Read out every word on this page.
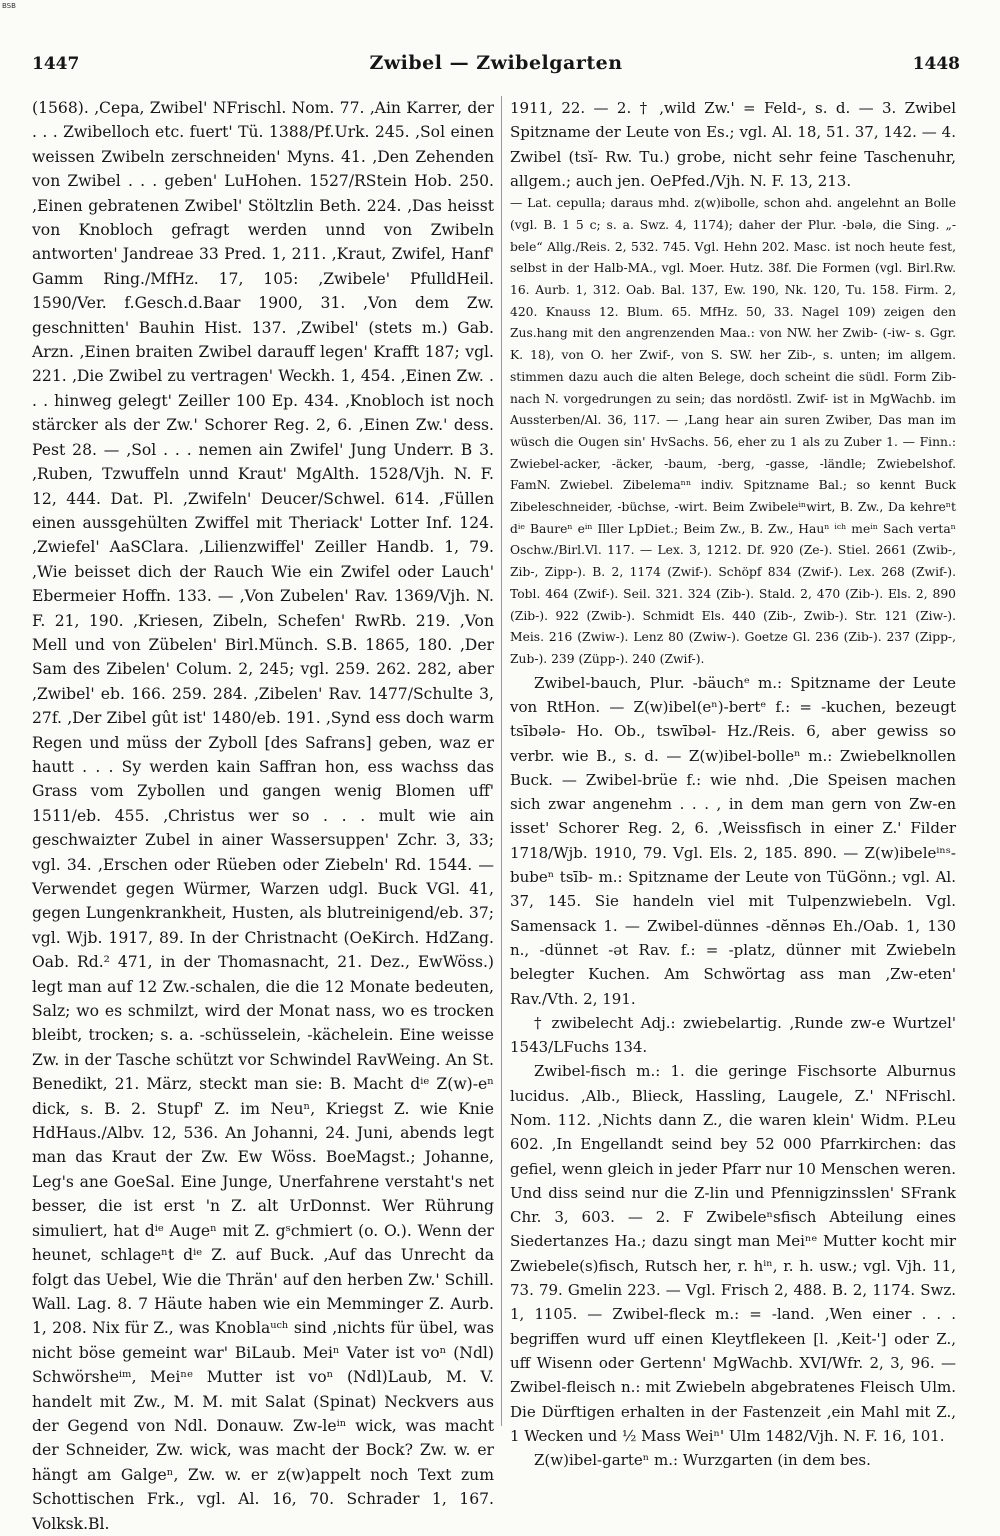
BSB
1447	Zwibel — Zwibelgarten	1448

(1568). ‚Cepa, Zwibel' NFrischl. Nom. 77. ‚Ain Karrer, der . . . Zwibelloch etc. fuert' Tü. 1388/Pf.Urk. 245. ‚Sol einen weissen Zwibeln zerschneiden' Myns. 41. ‚Den Zehenden von Zwibel . . . geben' LuHohen. 1527/RStein Hob. 250. ‚Einen gebratenen Zwibel' Stöltzlin Beth. 224. ‚Das heisst von Knobloch gefragt werden unnd von Zwibeln antworten' Jandreae 33 Pred. 1, 211. ‚Kraut, Zwifel, Hanf' Gamm Ring./MfHz. 17, 105: ‚Zwibele' PfulldHeil. 1590/Ver. f.Gesch.d.Baar 1900, 31. ‚Von dem Zw. geschnitten' Bauhin Hist. 137. ‚Zwibel' (stets m.) Gab. Arzn. ‚Einen braiten Zwibel darauff legen' Krafft 187; vgl. 221. ‚Die Zwibel zu vertragen' Weckh. 1, 454. ‚Einen Zw. . . . hinweg gelegt' Zeiller 100 Ep. 434. ‚Knobloch ist noch stärcker als der Zw.' Schorer Reg. 2, 6. ‚Einen Zw.' dess. Pest 28. — ‚Sol . . . nemen ain Zwifel' Jung Underr. B 3. ‚Ruben, Tzwuffeln unnd Kraut' MgAlth. 1528/Vjh. N. F. 12, 444. Dat. Pl. ‚Zwifeln' Deucer/Schwel. 614. ‚Füllen einen aussgehülten Zwiffel mit Theriack' Lotter Inf. 124. ‚Zwiefel' AaSClara. ‚Lilienzwiffel' Zeiller Handb. 1, 79. ‚Wie beisset dich der Rauch Wie ein Zwifel oder Lauch' Ebermeier Hoffn. 133. — ‚Von Zubelen' Rav. 1369/Vjh. N. F. 21, 190. ‚Kriesen, Zibeln, Schefen' RwRb. 219. ‚Von Mell und von Zübelen' Birl.Münch. S.B. 1865, 180. ‚Der Sam des Zibelen' Colum. 2, 245; vgl. 259. 262. 282, aber ‚Zwibel' eb. 166. 259. 284. ‚Zibelen' Rav. 1477/Schulte 3, 27f. ‚Der Zibel gût ist' 1480/eb. 191. ‚Synd ess doch warm Regen und müss der Zyboll [des Safrans] geben, waz er hautt . . . Sy werden kain Saffran hon, ess wachss das Grass vom Zybollen und gangen wenig Blomen uff' 1511/eb. 455. ‚Christus wer so . . . mult wie ain geschwaizter Zubel in ainer Wassersuppen' Zchr. 3, 33; vgl. 34. ‚Erschen oder Rüeben oder Ziebeln' Rd. 1544. — Verwendet gegen Würmer, Warzen udgl. Buck VGl. 41, gegen Lungenkrankheit, Husten, als blutreinigend/eb. 37; vgl. Wjb. 1917, 89. In der Christnacht (OeKirch. HdZang. Oab. Rd.² 471, in der Thomasnacht, 21. Dez., EwWöss.) legt man auf 12 Zw.-schalen, die die 12 Monate bedeuten, Salz; wo es schmilzt, wird der Monat nass, wo es trocken bleibt, trocken; s. a. -schüsselein, -kächelein. Eine weisse Zw. in der Tasche schützt vor Schwindel RavWeing. An St. Benedikt, 21. März, steckt man sie: B. Macht dⁱᵉ Z(w)-eⁿ dick, s. B. 2. Stupf' Z. im Neuⁿ, Kriegst Z. wie Knie HdHaus./Albv. 12, 536. An Johanni, 24. Juni, abends legt man das Kraut der Zw. Ew Wöss. BoeMagst.; Johanne, Leg's ane GoeSal. Eine Junge, Unerfahrene verstaht's net besser, die ist erst 'n Z. alt UrDonnst. Wer Rührung simuliert, hat dⁱᵉ Augeⁿ mit Z. gˢchmiert (o. O.). Wenn der heunet, schlageⁿt dⁱᵉ Z. auf Buck. ‚Auf das Unrecht da folgt das Uebel, Wie die Thrän' auf den herben Zw.' Schill. Wall. Lag. 8. 7 Häute haben wie ein Memminger Z. Aurb. 1, 208. Nix für Z., was Knoblaᵘᶜʰ sind ‚nichts für übel, was nicht böse gemeint war' BiLaub. Meiⁿ Vater ist voⁿ (Ndl) Schwörsheⁱᵐ, Meiⁿᵉ Mutter ist voⁿ (Ndl)Laub, M. V. handelt mit Zw., M. M. mit Salat (Spinat) Neckvers aus der Gegend von Ndl. Donauw. Zw-leⁱⁿ wick, was macht der Schneider, Zw. wick, was macht der Bock? Zw. w. er hängt am Galgeⁿ, Zw. w. er z(w)appelt noch Text zum Schottischen Frk., vgl. Al. 16, 70. Schrader 1, 167. Volksk.Bl.

1911, 22. — 2. † ‚wild Zw.' = Feld-, s. d. — 3. Zwibel Spitzname der Leute von Es.; vgl. Al. 18, 51. 37, 142. — 4. Zwibel (tsĭ- Rw. Tu.) grobe, nicht sehr feine Taschenuhr, allgem.; auch jen. OePfed./Vjh. N. F. 13, 213.

— Lat. cepulla; daraus mhd. z(w)ibolle, schon ahd. angelehnt an Bolle (vgl. B. 1 5 c; s. a. Swz. 4, 1174); daher der Plur. -bələ, die Sing. „-bele“ Allg./Reis. 2, 532. 745. Vgl. Hehn 202. Masc. ist noch heute fest, selbst in der Halb-MA., vgl. Moer. Hutz. 38f. Die Formen (vgl. Birl.Rw. 16. Aurb. 1, 312. Oab. Bal. 137, Ew. 190, Nk. 120, Tu. 158. Firm. 2, 420. Knauss 12. Blum. 65. MfHz. 50, 33. Nagel 109) zeigen den Zus.hang mit den angrenzenden Maa.: von NW. her Zwib- (-iw- s. Ggr. K. 18), von O. her Zwif-, von S. SW. her Zib-, s. unten; im allgem. stimmen dazu auch die alten Belege, doch scheint die südl. Form Zib- nach N. vorgedrungen zu sein; das nordöstl. Zwif- ist in MgWachb. im Aussterben/Al. 36, 117. — ‚Lang hear ain suren Zwiber, Das man im wüsch die Ougen sin' HvSachs. 56, eher zu 1 als zu Zuber 1. — Finn.: Zwiebel-acker, -äcker, -baum, -berg, -gasse, -ländle; Zwiebelshof. FamN. Zwiebel. Zibelemaⁿⁿ indiv. Spitzname Bal.; so kennt Buck Zibeleschneider, -büchse, -wirt. Beim Zwibeleⁱⁿwirt, B. Zw., Da kehreⁿt dⁱᵉ Baureⁿ eⁱⁿ Iller LpDiet.; Beim Zw., B. Zw., Hauⁿ ⁱᶜʰ meⁱⁿ Sach vertaⁿ Oschw./Birl.Vl. 117. — Lex. 3, 1212. Df. 920 (Ze-). Stiel. 2661 (Zwib-, Zib-, Zipp-). B. 2, 1174 (Zwif-). Schöpf 834 (Zwif-). Lex. 268 (Zwif-). Tobl. 464 (Zwif-). Seil. 321. 324 (Zib-). Stald. 2, 470 (Zib-). Els. 2, 890 (Zib-). 922 (Zwib-). Schmidt Els. 440 (Zib-, Zwib-). Str. 121 (Ziw-). Meis. 216 (Zwiw-). Lenz 80 (Zwiw-). Goetze Gl. 236 (Zib-). 237 (Zipp-, Zub-). 239 (Züpp-). 240 (Zwif-).

Zwibel-bauch, Plur. -bäuchᵉ m.: Spitzname der Leute von RtHon. — Z(w)ibel(eⁿ)-bertᵉ f.: = -kuchen, bezeugt tsībələ- Ho. Ob., tswībəl- Hz./Reis. 6, aber gewiss so verbr. wie B., s. d. — Z(w)ibel-bolleⁿ m.: Zwiebelknollen Buck. — Zwibel-brüe f.: wie nhd. ‚Die Speisen machen sich zwar angenehm . . . , in dem man gern von Zw-en isset' Schorer Reg. 2, 6. ‚Weissfisch in einer Z.' Filder 1718/Wjb. 1910, 79. Vgl. Els. 2, 185. 890. — Z(w)ibeleⁱⁿˢ-bubeⁿ tsīb- m.: Spitzname der Leute von TüGönn.; vgl. Al. 37, 145. Sie handeln viel mit Tulpenzwiebeln. Vgl. Samensack 1. — Zwibel-dünnes -dĕnnəs Eh./Oab. 1, 130 n., -dünnet -ət Rav. f.: = -platz, dünner mit Zwiebeln belegter Kuchen. Am Schwörtag ass man ‚Zw-eten' Rav./Vth. 2, 191.

† zwibelecht Adj.: zwiebelartig. ‚Runde zw-e Wurtzel' 1543/LFuchs 134.

Zwibel-fisch m.: 1. die geringe Fischsorte Alburnus lucidus. ‚Alb., Blieck, Hassling, Laugele, Z.' NFrischl. Nom. 112. ‚Nichts dann Z., die waren klein' Widm. P.Leu 602. ‚In Engellandt seind bey 52 000 Pfarrkirchen: das gefiel, wenn gleich in jeder Pfarr nur 10 Menschen weren. Und diss seind nur die Z-lin und Pfennigzinsslen' SFrank Chr. 3, 603. — 2. F Zwibeleⁿsfisch Abteilung eines Siedertanzes Ha.; dazu singt man Meiⁿᵉ Mutter kocht mir Zwiebele(s)fisch, Rutsch her, r. hⁱⁿ, r. h. usw.; vgl. Vjh. 11, 73. 79. Gmelin 223. — Vgl. Frisch 2, 488. B. 2, 1174. Swz. 1, 1105. — Zwibel-fleck m.: = -land. ‚Wen einer . . . begriffen wurd uff einen Kleytflekeen [l. ‚Keit-'] oder Z., uff Wisenn oder Gertenn' MgWachb. XVI/Wfr. 2, 3, 96. — Zwibel-fleisch n.: mit Zwiebeln abgebratenes Fleisch Ulm. Die Dürftigen erhalten in der Fastenzeit ‚ein Mahl mit Z., 1 Wecken und ½ Mass Weiⁿ' Ulm 1482/Vjh. N. F. 16, 101.

Z(w)ibel-garteⁿ m.: Wurzgarten (in dem bes.
